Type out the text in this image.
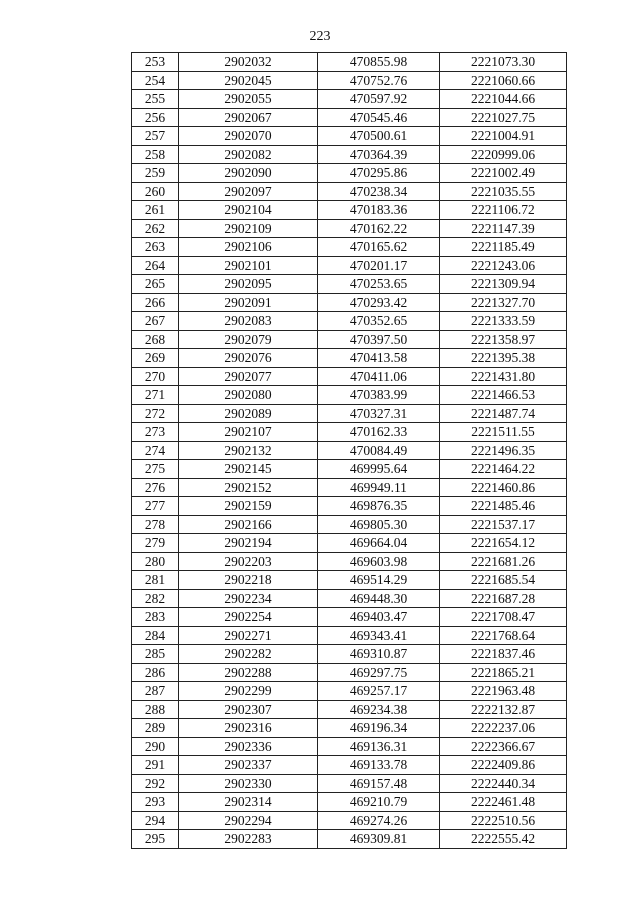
223
253	2902032	470855.98	2221073.30
254	2902045	470752.76	2221060.66
255	2902055	470597.92	2221044.66
256	2902067	470545.46	2221027.75
257	2902070	470500.61	2221004.91
258	2902082	470364.39	2220999.06
259	2902090	470295.86	2221002.49
260	2902097	470238.34	2221035.55
261	2902104	470183.36	2221106.72
262	2902109	470162.22	2221147.39
263	2902106	470165.62	2221185.49
264	2902101	470201.17	2221243.06
265	2902095	470253.65	2221309.94
266	2902091	470293.42	2221327.70
267	2902083	470352.65	2221333.59
268	2902079	470397.50	2221358.97
269	2902076	470413.58	2221395.38
270	2902077	470411.06	2221431.80
271	2902080	470383.99	2221466.53
272	2902089	470327.31	2221487.74
273	2902107	470162.33	2221511.55
274	2902132	470084.49	2221496.35
275	2902145	469995.64	2221464.22
276	2902152	469949.11	2221460.86
277	2902159	469876.35	2221485.46
278	2902166	469805.30	2221537.17
279	2902194	469664.04	2221654.12
280	2902203	469603.98	2221681.26
281	2902218	469514.29	2221685.54
282	2902234	469448.30	2221687.28
283	2902254	469403.47	2221708.47
284	2902271	469343.41	2221768.64
285	2902282	469310.87	2221837.46
286	2902288	469297.75	2221865.21
287	2902299	469257.17	2221963.48
288	2902307	469234.38	2222132.87
289	2902316	469196.34	2222237.06
290	2902336	469136.31	2222366.67
291	2902337	469133.78	2222409.86
292	2902330	469157.48	2222440.34
293	2902314	469210.79	2222461.48
294	2902294	469274.26	2222510.56
295	2902283	469309.81	2222555.42
